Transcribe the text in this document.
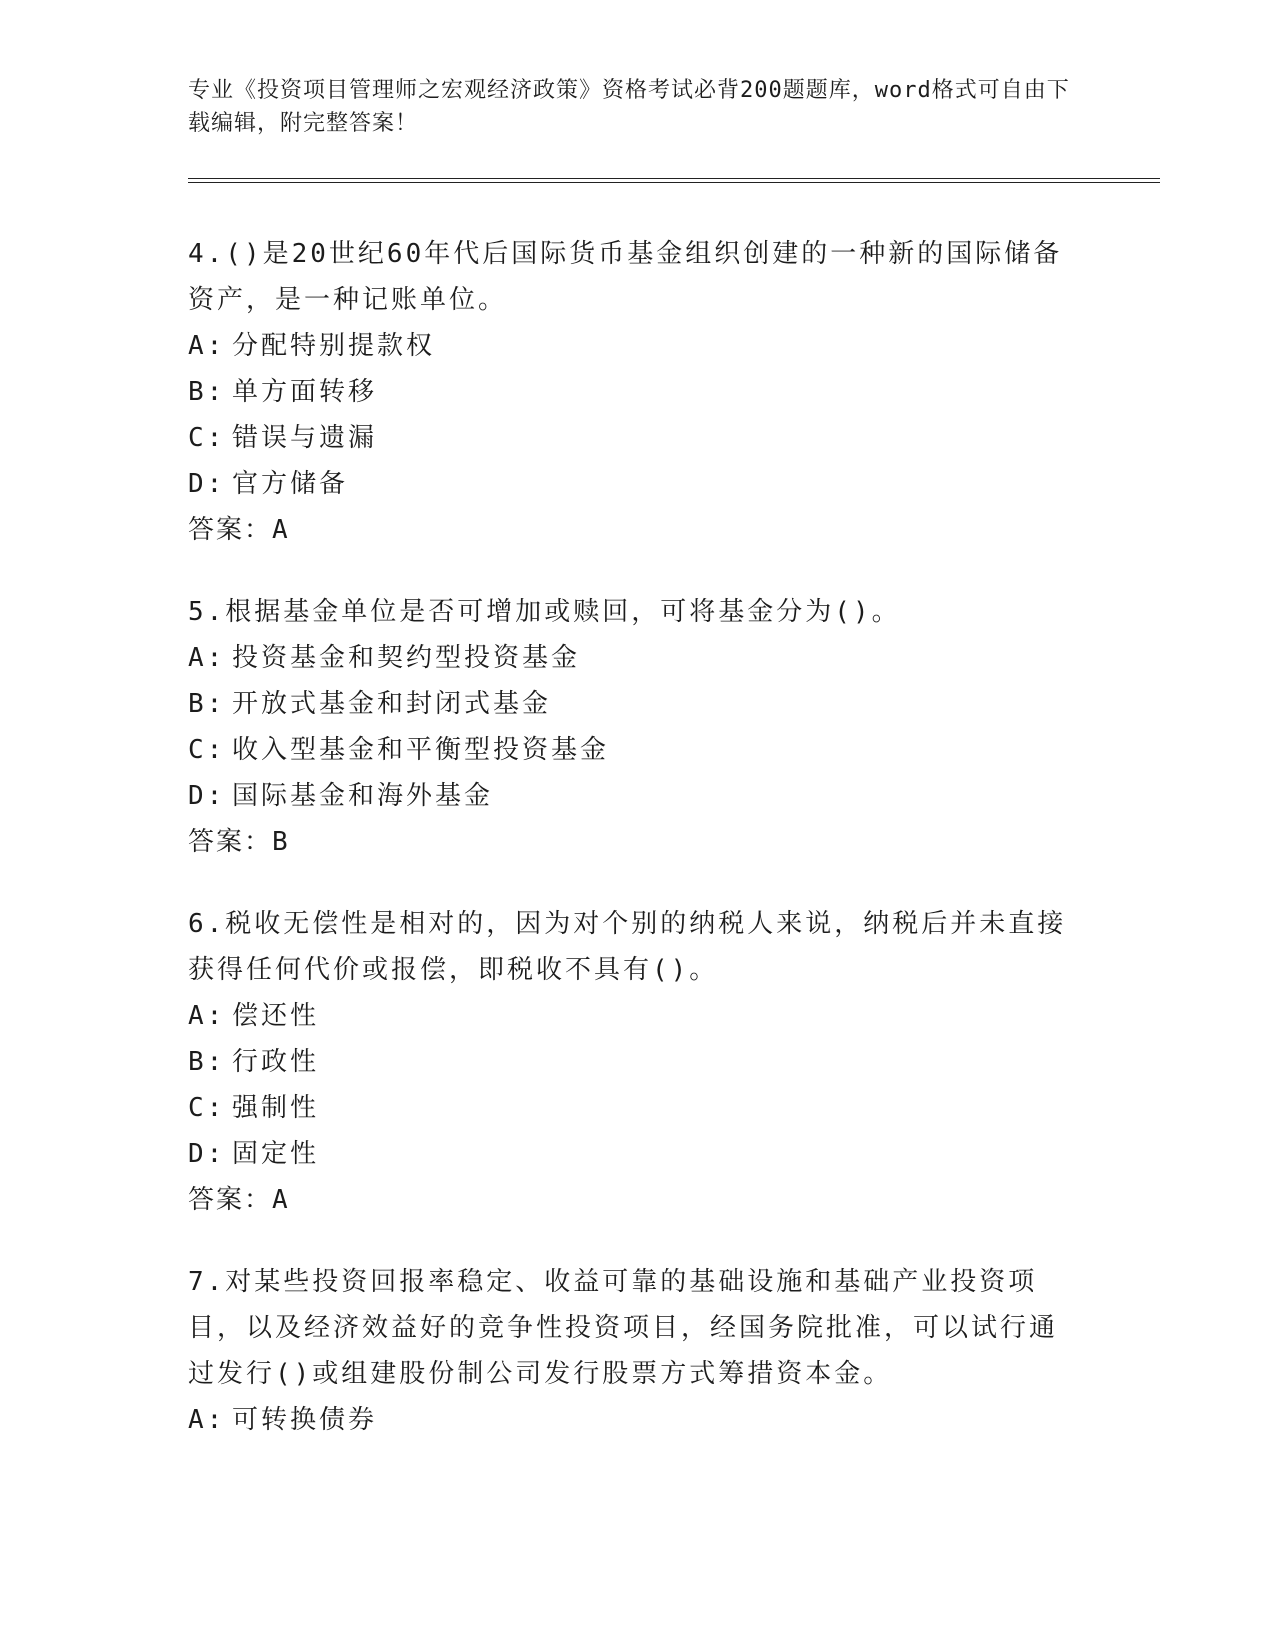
专业《投资项目管理师之宏观经济政策》资格考试必背200题题库，word格式可自由下载编辑，附完整答案！
4.()是20世纪60年代后国际货币基金组织创建的一种新的国际储备资产，是一种记账单位。
A: 分配特别提款权
B: 单方面转移
C: 错误与遗漏
D: 官方储备
答案：A
5.根据基金单位是否可增加或赎回，可将基金分为()。
A: 投资基金和契约型投资基金
B: 开放式基金和封闭式基金
C: 收入型基金和平衡型投资基金
D: 国际基金和海外基金
答案：B
6.税收无偿性是相对的，因为对个别的纳税人来说，纳税后并未直接获得任何代价或报偿，即税收不具有()。
A: 偿还性
B: 行政性
C: 强制性
D: 固定性
答案：A
7.对某些投资回报率稳定、收益可靠的基础设施和基础产业投资项目，以及经济效益好的竞争性投资项目，经国务院批准，可以试行通过发行()或组建股份制公司发行股票方式筹措资本金。
A: 可转换债券
